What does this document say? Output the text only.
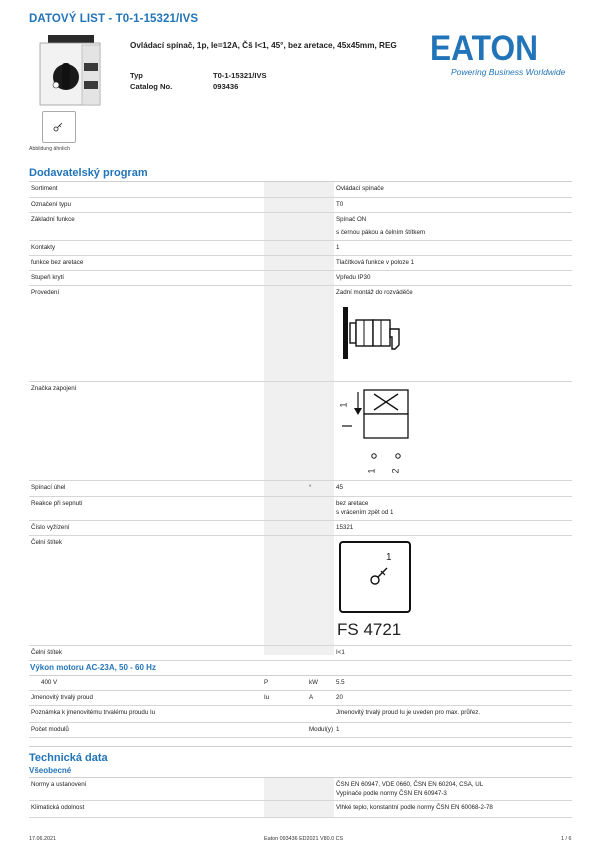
DATOVÝ LIST - T0-1-15321/IVS
Abbildung ähnlich
Ovládací spínač, 1p, Ie=12A, Čš I<1, 45°, bez aretace, 45x45mm, REG
Typ	T0-1-15321/IVS
Catalog No.	093436
EATON
Powering Business Worldwide
Dodavatelský program
Sortiment	Ovládací spínače
Označení typu	T0
Základní funkce	Spínač ON
s černou pákou a čelním štítkem
Kontakty	1
funkce bez aretace	Tlačítková funkce v poloze 1
Stupeň krytí	Vpředu IP30
Provedení	Zadní montáž do rozváděče
Značka zapojení
Spínací úhel	°	45
Reakce při sepnutí	bez aretace
s vrácením zpět od 1
Číslo vyžízení	15321
Čelní štítek
Čelní štítek	I<1
1
1 2
1
FS 4721
Výkon motoru AC-23A, 50 - 60 Hz
400 V	P	kW	5.5
Jmenovitý trvalý proud	Iu	A	20
Poznámka k jmenovitému trvalému proudu Iu	Jmenovitý trvalý proud Iu je uveden pro max. průřez.
Počet modulů	Modul(y) 1
Technická data
Všeobecné
Normy a ustanovení	ČSN EN 60947, VDE 0660, ČSN EN 60204, CSA, UL
Vypínače podle normy ČSN EN 60947-3
Klimatická odolnost	Vlhké teplo, konstantní podle normy ČSN EN 60068-2-78
17.06.2021	Eaton 093436 ED2021 V80.0 CS	1 / 6
